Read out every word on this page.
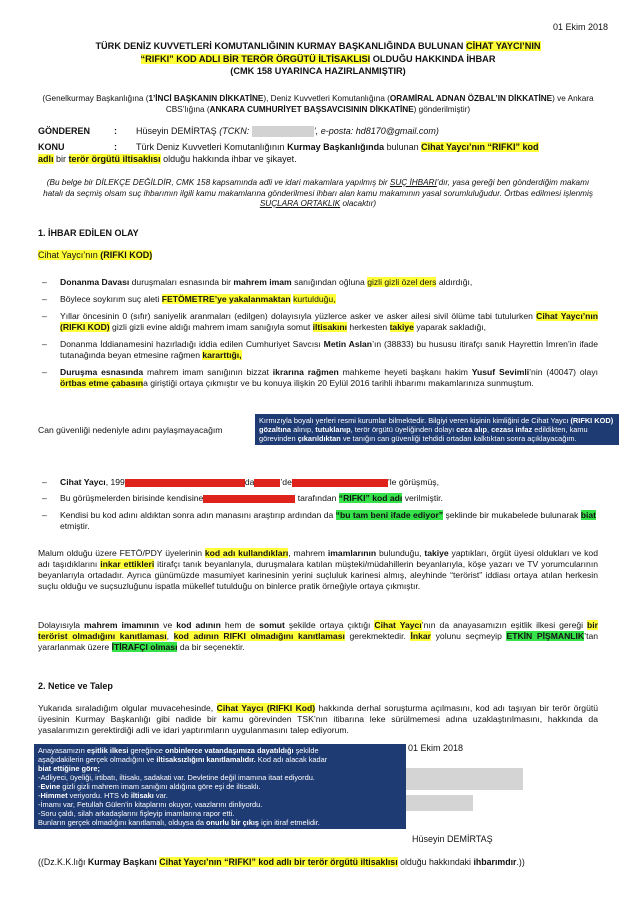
01 Ekim 2018
TÜRK DENİZ KUVVETLERİ KOMUTANLIĞININ KURMAY BAŞKANLIĞINDA BULUNAN CİHAT YAYCI’NIN
“RIFKI” KOD ADLI BİR TERÖR ÖRGÜTÜ İLTİSAKLISI OLDUĞU HAKKINDA İHBAR
(CMK 158 UYARINCA HAZIRLANMIŞTIR)
(Genelkurmay Başkanlığına (1’İNCİ BAŞKANIN DİKKATİNE), Deniz Kuvvetleri Komutanlığına (ORAMİRAL ADNAN ÖZBAL’IN DİKKATİNE) ve Ankara CBS’lığına (ANKARA CUMHURİYET BAŞSAVCISININ DİKKATİNE) gönderilmiştir)
GÖNDEREN	: Hüseyin DEMİRTAŞ (TCKN:	’, e-posta: hd8170@gmail.com)
KONU	:	Türk Deniz Kuvvetleri Komutanlığının Kurmay Başkanlığında bulunan Cihat Yaycı’nın “RIFKI” kod
adlı bir terör örgütü iltisaklısı olduğu hakkında ihbar ve şikayet.
(Bu belge bir DİLEKÇE DEĞİLDİR, CMK 158 kapsamında adli ve idari makamlara yapılmış bir SUÇ İHBARI’dır, yasa gereği ben gönderdiğim makamı hatalı da seçmiş olsam suç ihbarımın ilgili kamu makamlarına gönderilmesi ihbarı alan kamu makamının yasal sorumluluğudur. Örtbas edilmesi işlenmiş SUÇLARA ORTAKLIK olacaktır)
1. İHBAR EDİLEN OLAY
Cihat Yaycı’nın (RIFKI KOD)
– Donanma Davası duruşmaları esnasında bir mahrem imam sanığından oğluna gizli gizli özel ders aldırdığı,
– Böylece soykırım suç aleti FETÖMETRE’ye yakalanmaktan kurtulduğu,
– Yıllar öncesinin 0 (sıfır) saniyelik aranmaları (edilgen) dolayısıyla yüzlerce asker ve asker ailesi sivil ölüme tabi tutulurken Cihat Yaycı’nın (RIFKI KOD) gizli gizli evine aldığı mahrem imam sanığıyla somut iltisakını herkesten takiye yaparak sakladığı,
– Donanma İddianamesini hazırladığı iddia edilen Cumhuriyet Savcısı Metin Aslan’ın (38833) bu hususu itirafçı sanık Hayrettin İmren’in ifade tutanağında beyan etmesine rağmen kararttığı,
– Duruşma esnasında mahrem imam sanığının bizzat ikrarına rağmen mahkeme heyeti başkanı hakim Yusuf Sevimli’nin (40047) olayı örtbas etme çabasına giriştiği ortaya çıkmıştır ve bu konuya ilişkin 20 Eylül 2016 tarihli ihbarımı makamlarınıza sunmuştum.
Kırmızıyla boyalı yerleri resmi kurumlar bilmektedir. Bilgiyi veren kişinin kimliğini de Cihat Yaycı (RIFKI KOD) gözaltına alınıp, tutuklanıp, terör örgütü üyeliğinden dolayı ceza alıp, cezası infaz edildikten, kamu görevinden çıkarıldıktan ve tanığın can güvenliği tehdidi ortadan kalktıktan sonra açıklayacağım.
Can güvenliği nedeniyle adını paylaşmayacağım
– Cihat Yaycı, 199	da	’de	’le görüşmüş,
– Bu görüşmelerden birisinde kendisine	tarafından “RIFKI” kod adı verilmiştir.
– Kendisi bu kod adını aldıktan sonra adın manasını araştırıp ardından da “bu tam beni ifade ediyor” şeklinde bir mukabelede bulunarak biat etmiştir.
Malum olduğu üzere FETÖ/PDY üyelerinin kod adı kullandıkları, mahrem imamlarının bulunduğu, takiye yaptıkları, örgüt üyesi oldukları ve kod adı taşıdıklarını inkar ettikleri itirafçı tanık beyanlarıyla, duruşmalara katılan müşteki/müdahillerin beyanlarıyla, köşe yazarı ve TV yorumcularının beyanlarıyla ortadadır. Ayrıca günümüzde masumiyet karinesinin yerini suçluluk karinesi almış, aleyhinde “terörist” iddiası ortaya atılan herkesin suçlu olduğu ve suçsuzluğunu ispatla mükellef tutulduğu on binlerce pratik örneğiyle ortaya çıkmıştır.
Dolayısıyla mahrem imamının ve kod adının hem de somut şekilde ortaya çıktığı Cihat Yaycı’nın da anayasamızın eşitlik ilkesi gereği bir terörist olmadığını kanıtlaması, kod adının RIFKI olmadığını kanıtlaması gerekmektedir. İnkar yolunu seçmeyip ETKİN PİŞMANLIK’tan yararlanmak üzere İTİRAFÇI olması da bir seçenektir.
2. Netice ve Talep
Yukarıda sıraladığım olgular muvacehesinde, Cihat Yaycı (RIFKI Kod) hakkında derhal soruşturma açılmasını, kod adı taşıyan bir terör örgütü üyesinin Kurmay Başkanlığı gibi nadide bir kamu görevinden TSK’nın itibarına leke sürülmemesi adına uzaklaştırılmasını, hakkında da yasalarımızın gerektirdiği adli ve idari yaptırımların uygulanmasını talep ediyorum.
01 Ekim 2018
Hüseyin DEMİRTAŞ
Anayasamızın eşitlik ilkesi gereğince onbinlerce vatandaşımıza dayatıldığı şekilde
aşağıdakilerin gerçek olmadığını ve iltisaksızlığını kanıtlamalıdır. Kod adı alacak kadar
biat ettiğine göre;
-Adliyeci, üyeliği, irtibatı, iltisakı, sadakati var. Devletine değil imamına itaat ediyordu.
-Evine gizli gizli mahrem imam sanığını aldığına göre eşi de iltisaklı.
-Himmet veriyordu. HTS vb iltisakı var.
-İmamı var, Fetullah Gülen’in kitaplarını okuyor, vaazlarını dinliyordu.
-Soru çaldı, silah arkadaşlarını fişleyip imamlarına rapor etti.
Bunların gerçek olmadığını kanıtlamalı, olduysa da onurlu bir çıkış için itiraf etmelidir.
((Dz.K.K.lığı Kurmay Başkanı Cihat Yaycı’nın “RIFKI” kod adlı bir terör örgütü iltisaklısı olduğu hakkındaki ihbarımdır.))
